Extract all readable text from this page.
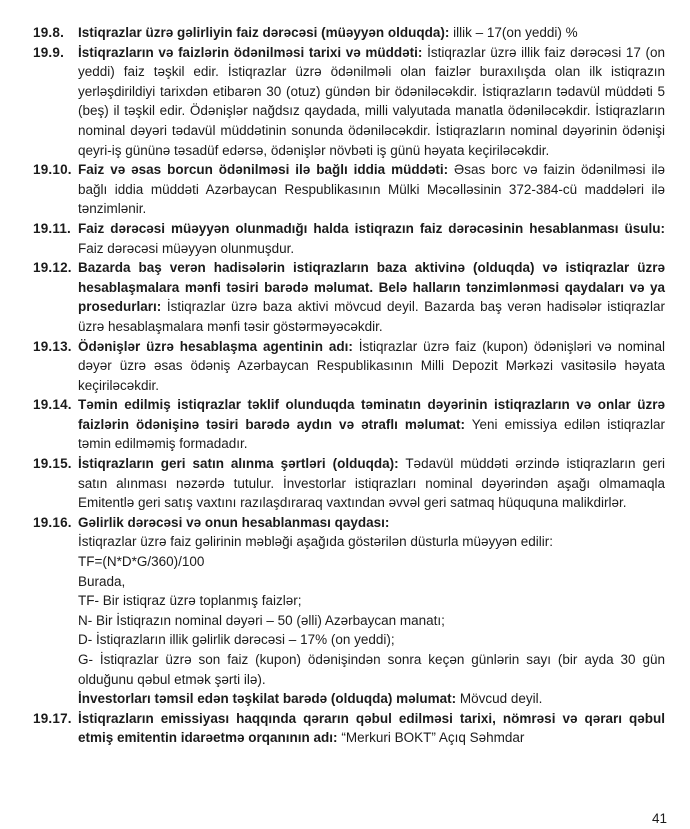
19.8. Istiqrazlar üzrə gəlirliyin faiz dərəcəsi (müəyyən olduqda): illik – 17(on yeddi) %
19.9. İstiqrazların və faizlərin ödənilməsi tarixi və müddəti: İstiqrazlar üzrə illik faiz dərəcəsi 17 (on yeddi) faiz təşkil edir. İstiqrazlar üzrə ödənilməli olan faizlər buraxılışda olan ilk istiqrazın yerləşdirildiyi tarixdən etibarən 30 (otuz) gündən bir ödəniləcəkdir. İstiqrazların tədavül müddəti 5 (beş) il təşkil edir. Ödənişlər nağdsız qaydada, milli valyutada manatla ödəniləcəkdir. İstiqrazların nominal dəyəri tədavül müddətinin sonunda ödəniləcəkdir. İstiqrazların nominal dəyərinin ödənişi qeyri-iş gününə təsadüf edərsə, ödənişlər növbəti iş günü həyata keçiriləcəkdir.
19.10. Faiz və əsas borcun ödənilməsi ilə bağlı iddia müddəti: Əsas borc və faizin ödənilməsi ilə bağlı iddia müddəti Azərbaycan Respublikasının Mülki Məcəlləsinin 372-384-cü maddələri ilə tənzimlənir.
19.11. Faiz dərəcəsi müəyyən olunmadığı halda istiqrazın faiz dərəcəsinin hesablanması üsulu: Faiz dərəcəsi müəyyən olunmuşdur.
19.12. Bazarda baş verən hadisələrin istiqrazların baza aktivinə (olduqda) və istiqrazlar üzrə hesablaşmalara mənfi təsiri barədə məlumat. Belə halların tənzimlənməsi qaydaları və ya prosedurları: İstiqrazlar üzrə baza aktivi mövcud deyil. Bazarda baş verən hadisələr istiqrazlar üzrə hesablaşmalara mənfi təsir göstərməyəcəkdir.
19.13. Ödənişlər üzrə hesablaşma agentinin adı: İstiqrazlar üzrə faiz (kupon) ödənişləri və nominal dəyər üzrə əsas ödəniş Azərbaycan Respublikasının Milli Depozit Mərkəzi vasitəsilə həyata keçiriləcəkdir.
19.14. Təmin edilmiş istiqrazlar təklif olunduqda təminatın dəyərinin istiqrazların və onlar üzrə faizlərin ödənişinə təsiri barədə aydın və ətraflı məlumat: Yeni emissiya edilən istiqrazlar təmin edilməmiş formadadır.
19.15. İstiqrazların geri satın alınma şərtləri (olduqda): Tədavül müddəti ərzində istiqrazların geri satın alınması nəzərdə tutulur. İnvestorlar istiqrazları nominal dəyərindən aşağı olmamaqla Emitentlə geri satış vaxtını razılaşdıraraq vaxtından əvvəl geri satmaq hüququna malikdirlər.
19.16. Gəlirlik dərəcəsi və onun hesablanması qaydası:
İstiqrazlar üzrə faiz gəlirinin məbləği aşağıda göstərilən düsturla müəyyən edilir:
TF=(N*D*G/360)/100
Burada,
TF- Bir istiqraz üzrə toplanmış faizlər;
N- Bir İstiqrazın nominal dəyəri – 50 (əlli) Azərbaycan manatı;
D- İstiqrazların illik gəlirlik dərəcəsi – 17% (on yeddi);
G- İstiqrazlar üzrə son faiz (kupon) ödənişindən sonra keçən günlərin sayı (bir ayda 30 gün olduğunu qəbul etmək şərti ilə).
İnvestorları təmsil edən təşkilat barədə (olduqda) məlumat: Mövcud deyil.
19.17. İstiqrazların emissiyası haqqında qərarın qəbul edilməsi tarixi, nömrəsi və qərarı qəbul etmiş emitentin idarəetmə orqanının adı: “Merkuri BOKT” Açıq Səhmdar
41
